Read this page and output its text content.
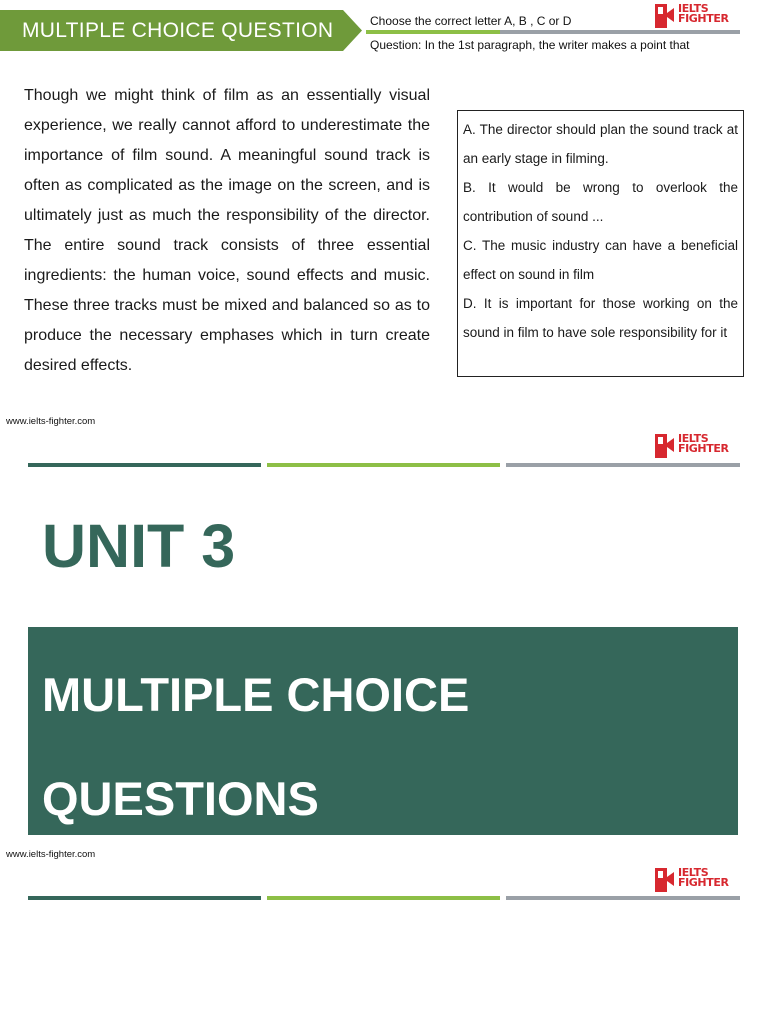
MULTIPLE CHOICE QUESTION	Choose the correct letter A, B , C or D
Question: In the 1st paragraph, the writer makes a point that
IELTS
FIGHTER

Though we might think of film as an essentially visual experience, we really cannot afford to underestimate the importance of film sound. A meaningful sound track is often as complicated as the image on the screen, and is ultimately just as much the responsibility of the director. The entire sound track consists of three essential ingredients: the human voice, sound effects and music. These three tracks must be mixed and balanced so as to produce the necessary emphases which in turn create desired effects.

A. The director should plan the sound track at an early stage in filming.

B. It would be wrong to overlook the contribution of sound ...

C. The music industry can have a beneficial effect on sound in film

D. It is important for those working on the sound in film to have sole responsibility for it

www.ielts-fighter.com
IELTS
FIGHTER
UNIT 3
MULTIPLE CHOICE
QUESTIONS
www.ielts-fighter.com
IELTS
FIGHTER
